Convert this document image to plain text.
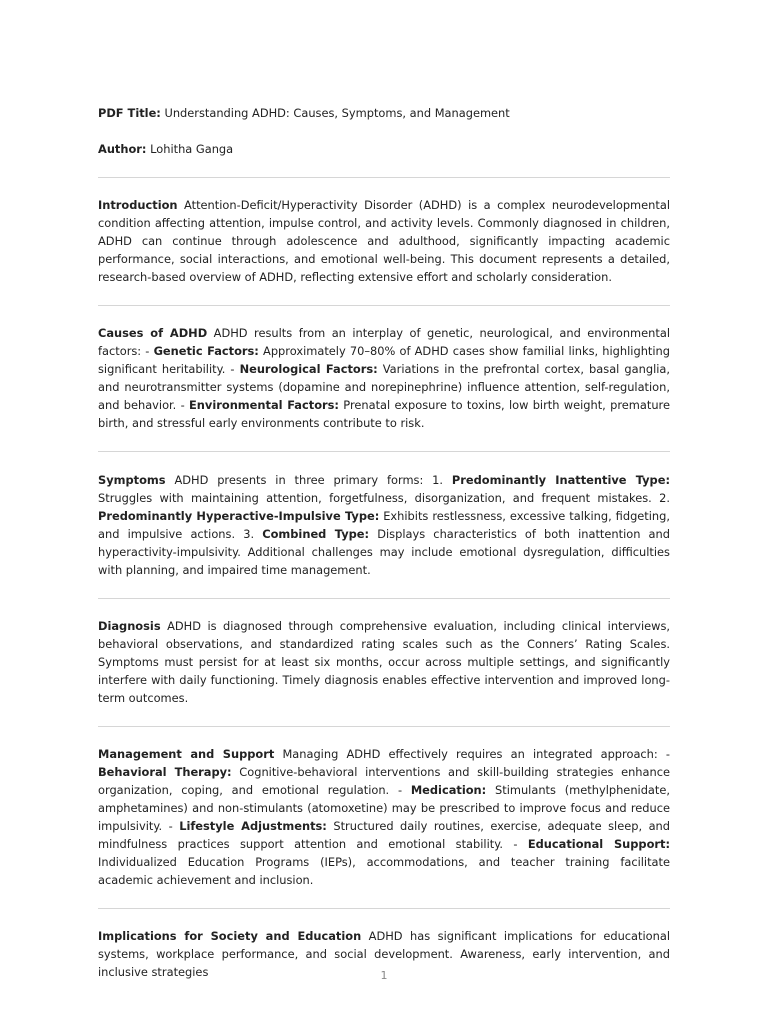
PDF Title: Understanding ADHD: Causes, Symptoms, and Management

Author: Lohitha Ganga

Introduction Attention-Deficit/Hyperactivity Disorder (ADHD) is a complex neurodevelopmental condition affecting attention, impulse control, and activity levels. Commonly diagnosed in children, ADHD can continue through adolescence and adulthood, significantly impacting academic performance, social interactions, and emotional well-being. This document represents a detailed, research-based overview of ADHD, reflecting extensive effort and scholarly consideration.

Causes of ADHD ADHD results from an interplay of genetic, neurological, and environmental factors: - Genetic Factors: Approximately 70–80% of ADHD cases show familial links, highlighting significant heritability. - Neurological Factors: Variations in the prefrontal cortex, basal ganglia, and neurotransmitter systems (dopamine and norepinephrine) influence attention, self-regulation, and behavior. - Environmental Factors: Prenatal exposure to toxins, low birth weight, premature birth, and stressful early environments contribute to risk.

Symptoms ADHD presents in three primary forms: 1. Predominantly Inattentive Type: Struggles with maintaining attention, forgetfulness, disorganization, and frequent mistakes. 2. Predominantly Hyperactive-Impulsive Type: Exhibits restlessness, excessive talking, fidgeting, and impulsive actions. 3. Combined Type: Displays characteristics of both inattention and hyperactivity-impulsivity. Additional challenges may include emotional dysregulation, difficulties with planning, and impaired time management.

Diagnosis ADHD is diagnosed through comprehensive evaluation, including clinical interviews, behavioral observations, and standardized rating scales such as the Conners’ Rating Scales. Symptoms must persist for at least six months, occur across multiple settings, and significantly interfere with daily functioning. Timely diagnosis enables effective intervention and improved long-term outcomes.

Management and Support Managing ADHD effectively requires an integrated approach: - Behavioral Therapy: Cognitive-behavioral interventions and skill-building strategies enhance organization, coping, and emotional regulation. - Medication: Stimulants (methylphenidate, amphetamines) and non-stimulants (atomoxetine) may be prescribed to improve focus and reduce impulsivity. - Lifestyle Adjustments: Structured daily routines, exercise, adequate sleep, and mindfulness practices support attention and emotional stability. - Educational Support: Individualized Education Programs (IEPs), accommodations, and teacher training facilitate academic achievement and inclusion.

Implications for Society and Education ADHD has significant implications for educational systems, workplace performance, and social development. Awareness, early intervention, and inclusive strategies	1
